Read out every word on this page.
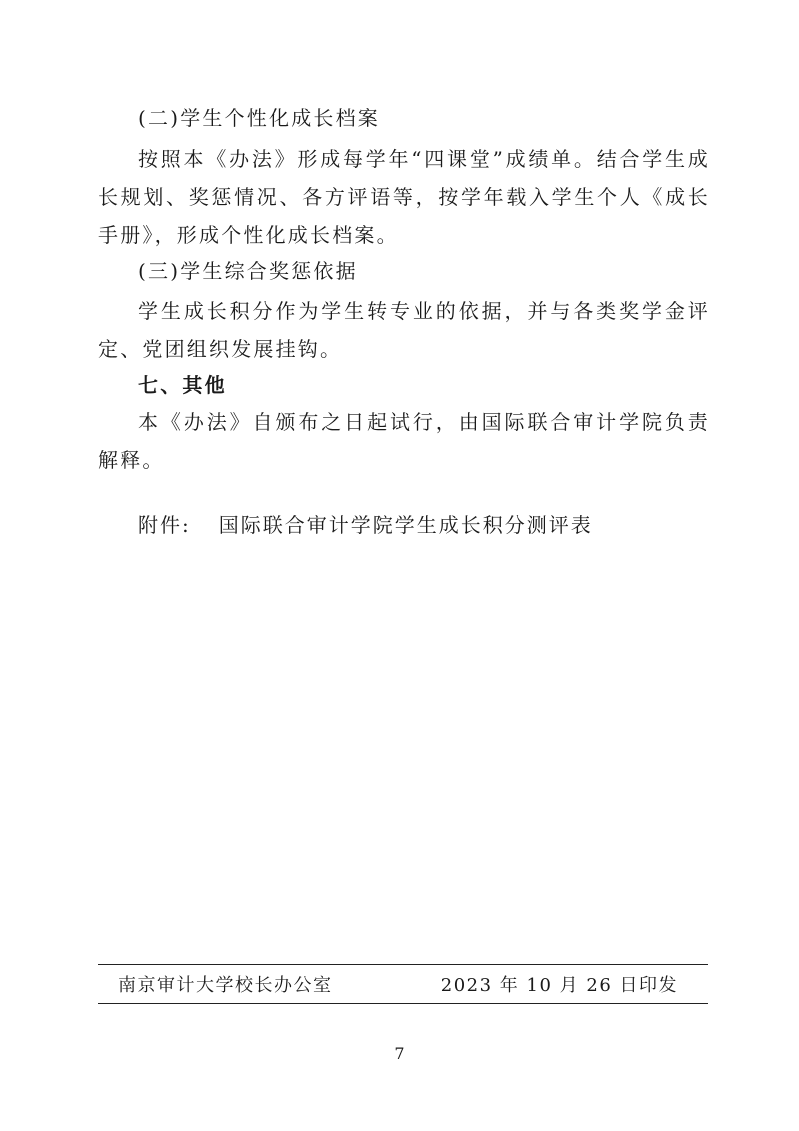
(二)学生个性化成长档案

按照本《办法》形成每学年“四课堂”成绩单。结合学生成长规划、奖惩情况、各方评语等，按学年载入学生个人《成长手册》，形成个性化成长档案。

(三)学生综合奖惩依据

学生成长积分作为学生转专业的依据，并与各类奖学金评定、党团组织发展挂钩。

七、其他

本《办法》自颁布之日起试行，由国际联合审计学院负责解释。

附件: 国际联合审计学院学生成长积分测评表
南京审计大学校长办公室	2023 年 10 月 26 日印发
7
